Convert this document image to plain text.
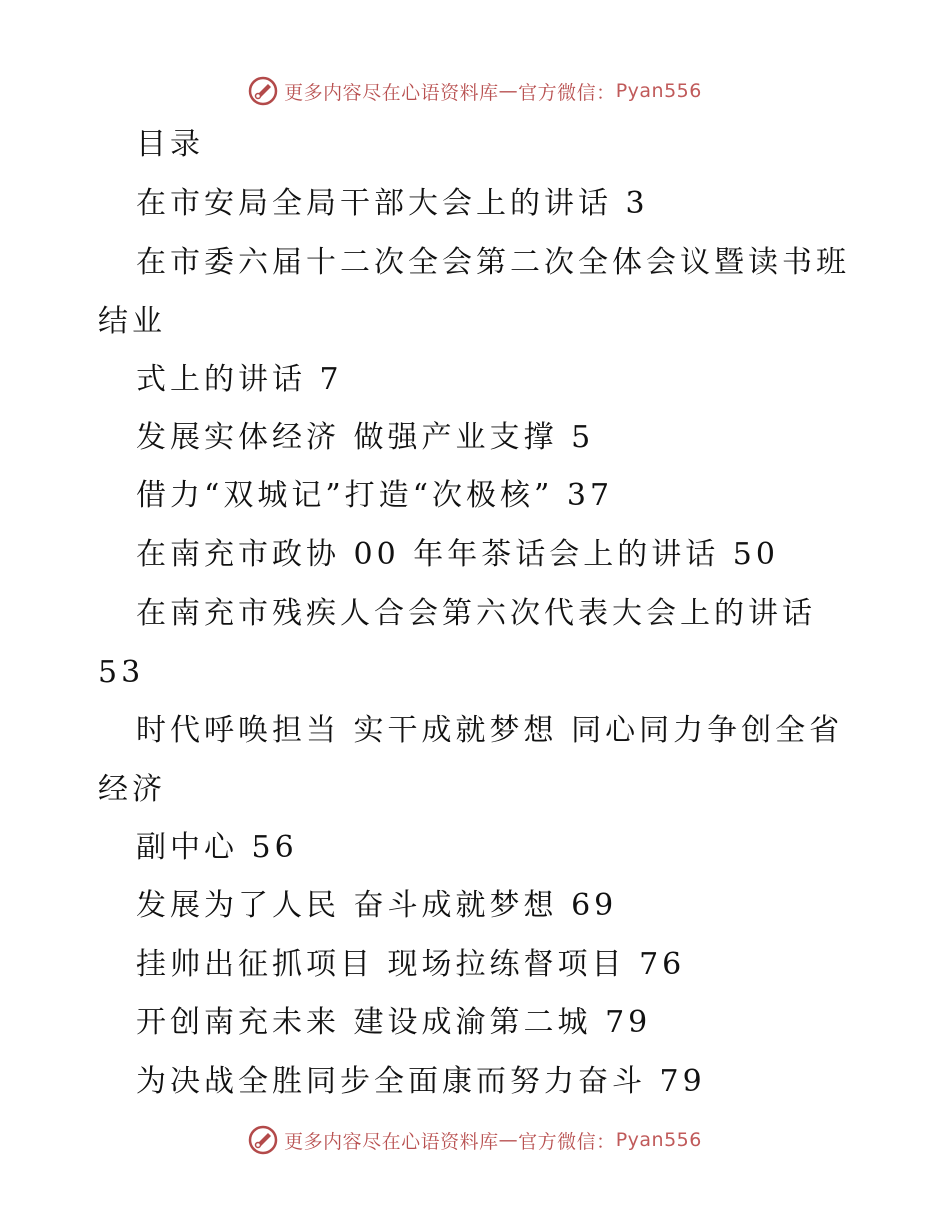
更多内容尽在心语资料库 — 官方微信： Pyan556
目录
在市安局全局干部大会上的讲话 3
在市委六届十二次全会第二次全体会议暨读书班
结业
式上的讲话 7
发展实体经济 做强产业支撑 5
借力“双城记”打造“次极核” 37
在南充市政协 00 年年茶话会上的讲话 50
在南充市残疾人合会第六次代表大会上的讲话
53
时代呼唤担当 实干成就梦想 同心同力争创全省
经济
副中心 56
发展为了人民 奋斗成就梦想 69
挂帅出征抓项目 现场拉练督项目 76
开创南充未来 建设成渝第二城 79
为决战全胜同步全面康而努力奋斗 79
更多内容尽在心语资料库 — 官方微信： Pyan556
